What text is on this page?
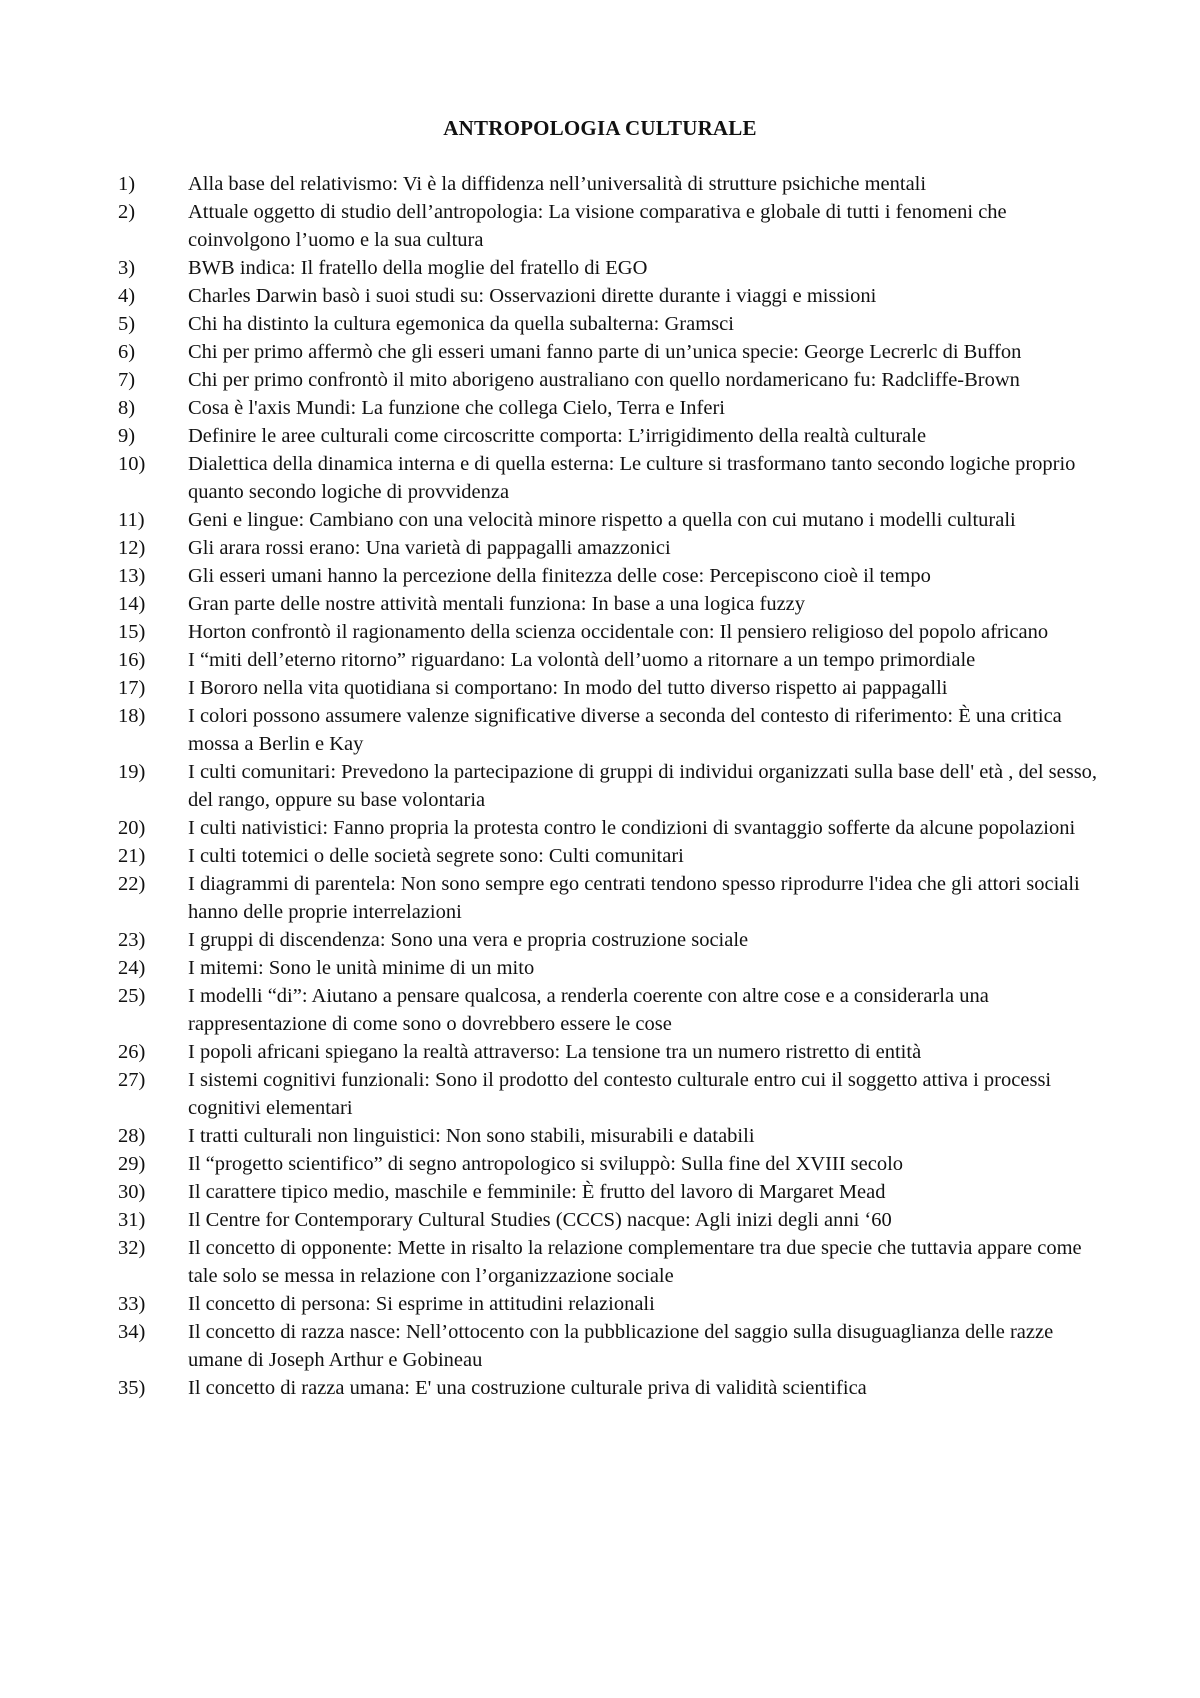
ANTROPOLOGIA CULTURALE
1)	Alla base del relativismo: Vi è la diffidenza nell’universalità di strutture psichiche mentali
2)	Attuale oggetto di studio dell’antropologia: La visione comparativa e globale di tutti i fenomeni che coinvolgono l’uomo e la sua cultura
3)	BWB indica: Il fratello della moglie del fratello di EGO
4)	Charles Darwin basò i suoi studi su: Osservazioni dirette durante i viaggi e missioni
5)	Chi ha distinto la cultura egemonica da quella subalterna: Gramsci
6)	Chi per primo affermò che gli esseri umani fanno parte di un’unica specie: George Lecrerlc di Buffon
7)	Chi per primo confrontò il mito aborigeno australiano con quello nordamericano fu: Radcliffe-Brown
8)	Cosa è l'axis Mundi: La funzione che collega Cielo, Terra e Inferi
9)	Definire le aree culturali come circoscritte comporta: L’irrigidimento della realtà culturale
10)	Dialettica della dinamica interna e di quella esterna: Le culture si trasformano tanto secondo logiche proprio quanto secondo logiche di provvidenza
11)	Geni e lingue: Cambiano con una velocità minore rispetto a quella con cui mutano i modelli culturali
12)	Gli arara rossi erano: Una varietà di pappagalli amazzonici
13)	Gli esseri umani hanno la percezione della finitezza delle cose: Percepiscono cioè il tempo
14)	Gran parte delle nostre attività mentali funziona: In base a una logica fuzzy
15)	Horton confrontò il ragionamento della scienza occidentale con: Il pensiero religioso del popolo africano
16)	I “miti dell’eterno ritorno” riguardano: La volontà dell’uomo a ritornare a un tempo primordiale
17)	I Bororo nella vita quotidiana si comportano: In modo del tutto diverso rispetto ai pappagalli
18)	I colori possono assumere valenze significative diverse a seconda del contesto di riferimento: È una critica mossa a Berlin e Kay
19)	I culti comunitari: Prevedono la partecipazione di gruppi di individui organizzati sulla base dell' età , del sesso, del rango, oppure su base volontaria
20)	I culti nativistici: Fanno propria la protesta contro le condizioni di svantaggio sofferte da alcune popolazioni
21)	I culti totemici o delle società segrete sono: Culti comunitari
22)	I diagrammi di parentela: Non sono sempre ego centrati tendono spesso riprodurre l'idea che gli attori sociali hanno delle proprie interrelazioni
23)	I gruppi di discendenza: Sono una vera e propria costruzione sociale
24)	I mitemi: Sono le unità minime di un mito
25)	I modelli “di”: Aiutano a pensare qualcosa, a renderla coerente con altre cose e a considerarla una rappresentazione di come sono o dovrebbero essere le cose
26)	I popoli africani spiegano la realtà attraverso: La tensione tra un numero ristretto di entità
27)	I sistemi cognitivi funzionali: Sono il prodotto del contesto culturale entro cui il soggetto attiva i processi cognitivi elementari
28)	I tratti culturali non linguistici: Non sono stabili, misurabili e databili
29)	Il “progetto scientifico” di segno antropologico si sviluppò: Sulla fine del XVIII secolo
30)	Il carattere tipico medio, maschile e femminile: È frutto del lavoro di Margaret Mead
31)	Il Centre for Contemporary Cultural Studies (CCCS) nacque: Agli inizi degli anni ‘60
32)	Il concetto di opponente: Mette in risalto la relazione complementare tra due specie che tuttavia appare come tale solo se messa in relazione con l’organizzazione sociale
33)	Il concetto di persona: Si esprime in attitudini relazionali
34)	Il concetto di razza nasce: Nell’ottocento con la pubblicazione del saggio sulla disuguaglianza delle razze umane di Joseph Arthur e Gobineau
35)	Il concetto di razza umana: E' una costruzione culturale priva di validità scientifica
